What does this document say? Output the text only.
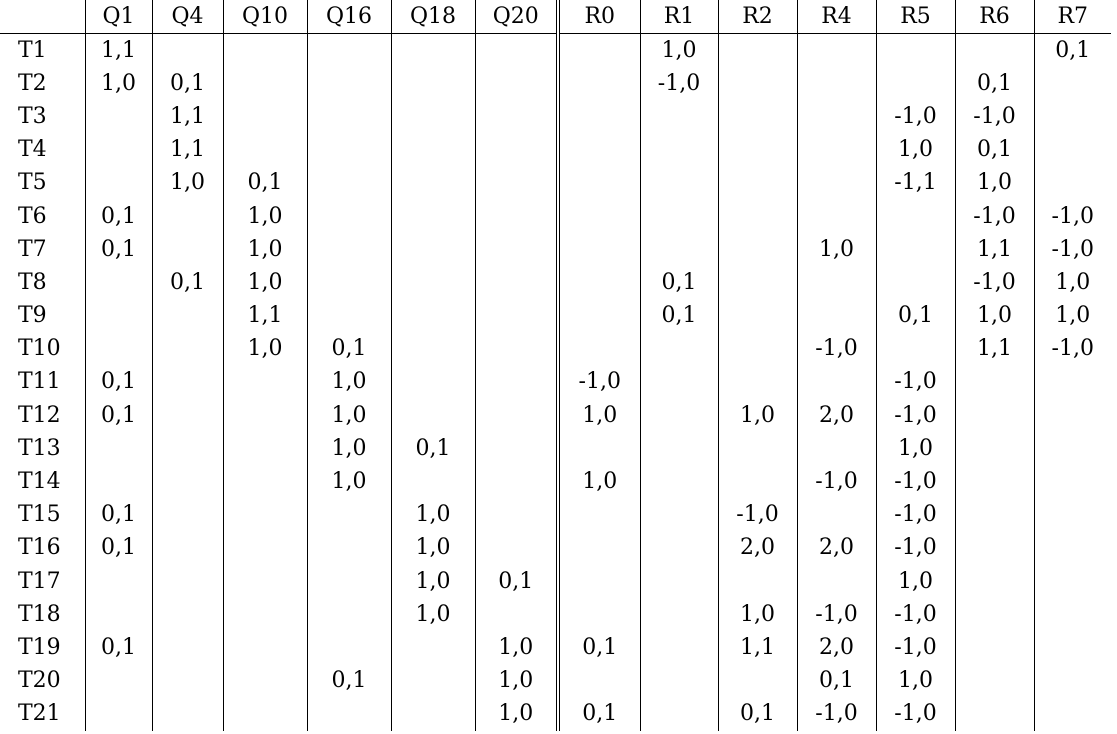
	Q1	Q4	Q10	Q16	Q18	Q20	R0	R1	R2	R4	R5	R6	R7
T1	1,1							1,0					0,1
T2	1,0	0,1						-1,0				0,1	
T3		1,1									-1,0	-1,0	
T4		1,1									1,0	0,1	
T5		1,0	0,1								-1,1	1,0	
T6	0,1		1,0									-1,0	-1,0
T7	0,1		1,0							1,0		1,1	-1,0
T8		0,1	1,0					0,1				-1,0	1,0
T9			1,1					0,1			0,1	1,0	1,0
T10			1,0	0,1						-1,0		1,1	-1,0
T11	0,1			1,0			-1,0				-1,0		
T12	0,1			1,0			1,0		1,0	2,0	-1,0		
T13				1,0	0,1						1,0		
T14				1,0			1,0			-1,0	-1,0		
T15	0,1				1,0				-1,0		-1,0		
T16	0,1				1,0				2,0	2,0	-1,0		
T17					1,0	0,1					1,0		
T18					1,0				1,0	-1,0	-1,0		
T19	0,1					1,0	0,1		1,1	2,0	-1,0		
T20				0,1		1,0				0,1	1,0		
T21						1,0	0,1		0,1	-1,0	-1,0		
